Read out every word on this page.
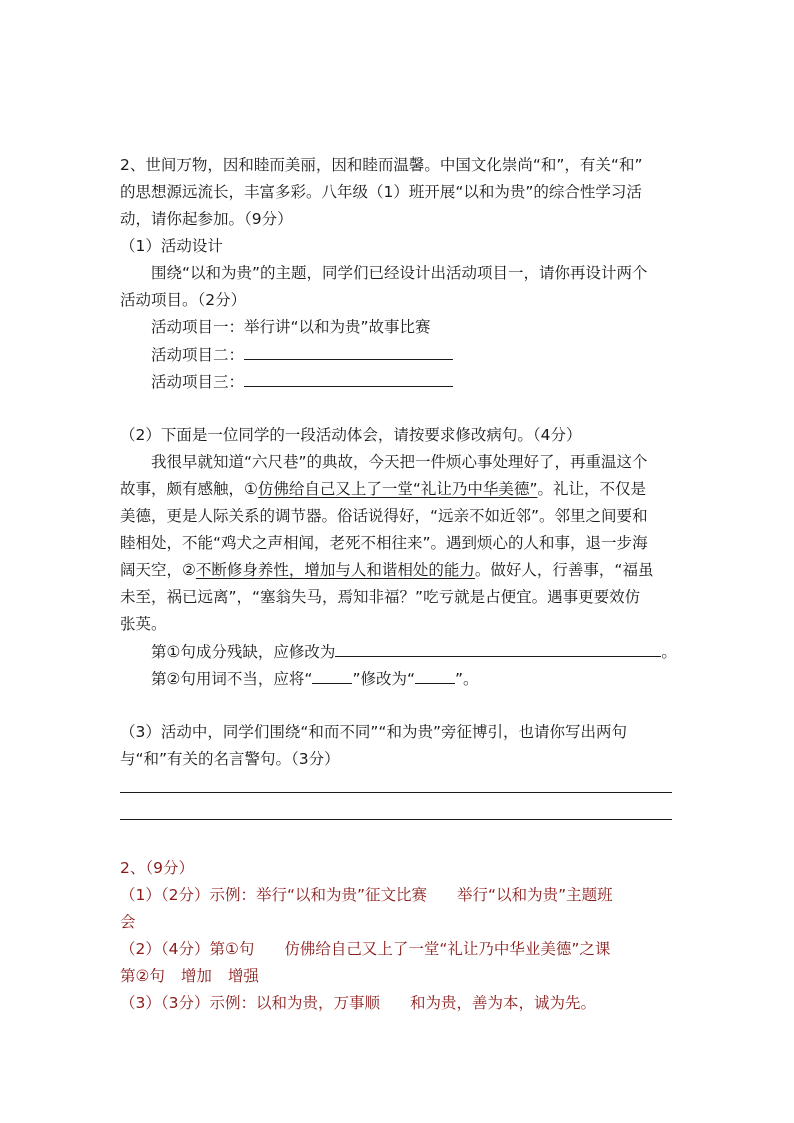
2、世间万物，因和睦而美丽，因和睦而温馨。中国文化崇尚“和”，有关“和”
的思想源远流长，丰富多彩。八年级（1）班开展“以和为贵”的综合性学习活
动，请你起参加。（9分）
（1）活动设计
围绕“以和为贵”的主题，同学们已经设计出活动项目一，请你再设计两个
活动项目。（2分）
活动项目一：举行讲“以和为贵”故事比赛
活动项目二：
活动项目三：
（2）下面是一位同学的一段活动体会，请按要求修改病句。（4分）
我很早就知道“六尺巷”的典故，今天把一件烦心事处理好了，再重温这个
故事，颇有感触，①仿佛给自己又上了一堂“礼让乃中华美德”。礼让，不仅是
美德，更是人际关系的调节器。俗话说得好，“远亲不如近邻”。邻里之间要和
睦相处，不能“鸡犬之声相闻，老死不相往来”。遇到烦心的人和事，退一步海
阔天空，②不断修身养性，增加与人和谐相处的能力。做好人，行善事，“福虽
未至，祸已远离”，“塞翁失马，焉知非福？”吃亏就是占便宜。遇事更要效仿
张英。
第①句成分残缺，应修改为	。
第②句用词不当，应将“	”修改为“	”。
（3）活动中，同学们围绕“和而不同”“和为贵”旁征博引，也请你写出两句
与“和”有关的名言警句。（3分）
2、（9分）
（1）（2分）示例：举行“以和为贵”征文比赛 举行“以和为贵”主题班
会
（2）（4分）第①句 仿佛给自己又上了一堂“礼让乃中华业美德”之课
第②句 增加 增强
（3）（3分）示例：以和为贵，万事顺 和为贵，善为本，诚为先。
